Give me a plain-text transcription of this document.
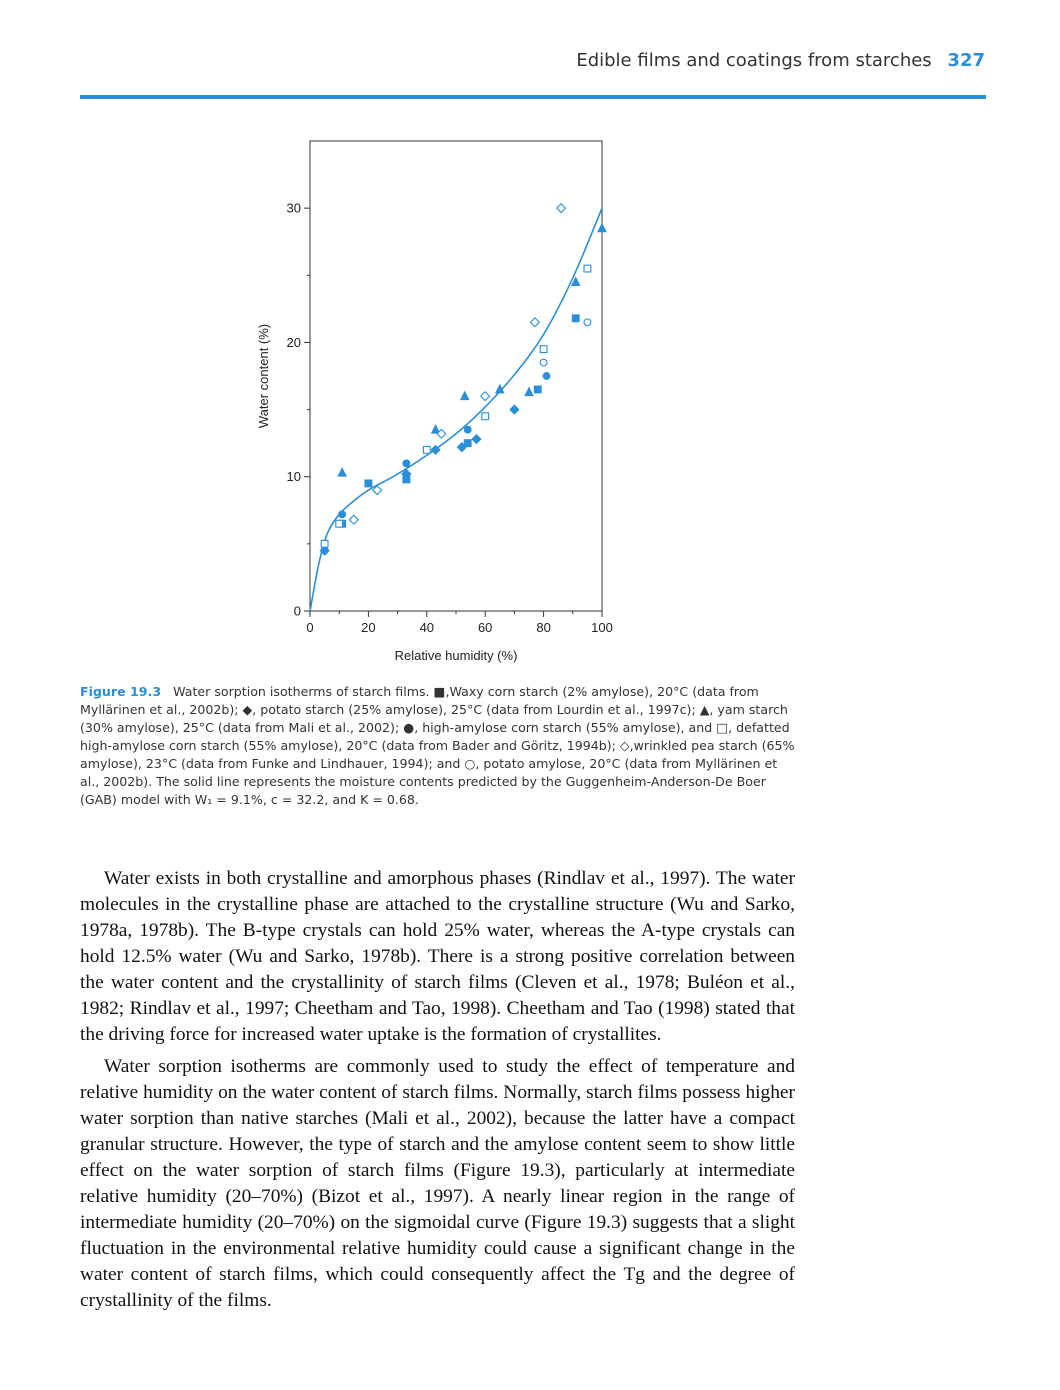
Edible films and coatings from starches 327
0	20	40	60	80	100
0
10
20
30
Relative humidity (%)
Water content (%)
Figure 19.3 Water sorption isotherms of starch films. ■,Waxy corn starch (2% amylose), 20°C (data from Myllärinen et al., 2002b); ◆, potato starch (25% amylose), 25°C (data from Lourdin et al., 1997c); ▲, yam starch (30% amylose), 25°C (data from Mali et al., 2002); ●, high-amylose corn starch (55% amylose), and □, defatted high-amylose corn starch (55% amylose), 20°C (data from Bader and Göritz, 1994b); ◇,wrinkled pea starch (65% amylose), 23°C (data from Funke and Lindhauer, 1994); and ○, potato amylose, 20°C (data from Myllärinen et al., 2002b). The solid line represents the moisture contents predicted by the Guggenheim-Anderson-De Boer (GAB) model with W₁ = 9.1%, c = 32.2, and K = 0.68.

Water exists in both crystalline and amorphous phases (Rindlav et al., 1997). The water molecules in the crystalline phase are attached to the crystalline structure (Wu and Sarko, 1978a, 1978b). The B-type crystals can hold 25% water, whereas the A-type crystals can hold 12.5% water (Wu and Sarko, 1978b). There is a strong positive correlation between the water content and the crystallinity of starch films (Cleven et al., 1978; Buléon et al., 1982; Rindlav et al., 1997; Cheetham and Tao, 1998). Cheetham and Tao (1998) stated that the driving force for increased water uptake is the formation of crystallites.

Water sorption isotherms are commonly used to study the effect of temperature and relative humidity on the water content of starch films. Normally, starch films possess higher water sorption than native starches (Mali et al., 2002), because the latter have a compact granular structure. However, the type of starch and the amylose content seem to show little effect on the water sorption of starch films (Figure 19.3), particularly at intermediate relative humidity (20–70%) (Bizot et al., 1997). A nearly linear region in the range of intermediate humidity (20–70%) on the sigmoidal curve (Figure 19.3) suggests that a slight fluctuation in the environmental relative humidity could cause a significant change in the water content of starch films, which could consequently affect the Tg and the degree of crystallinity of the films.
